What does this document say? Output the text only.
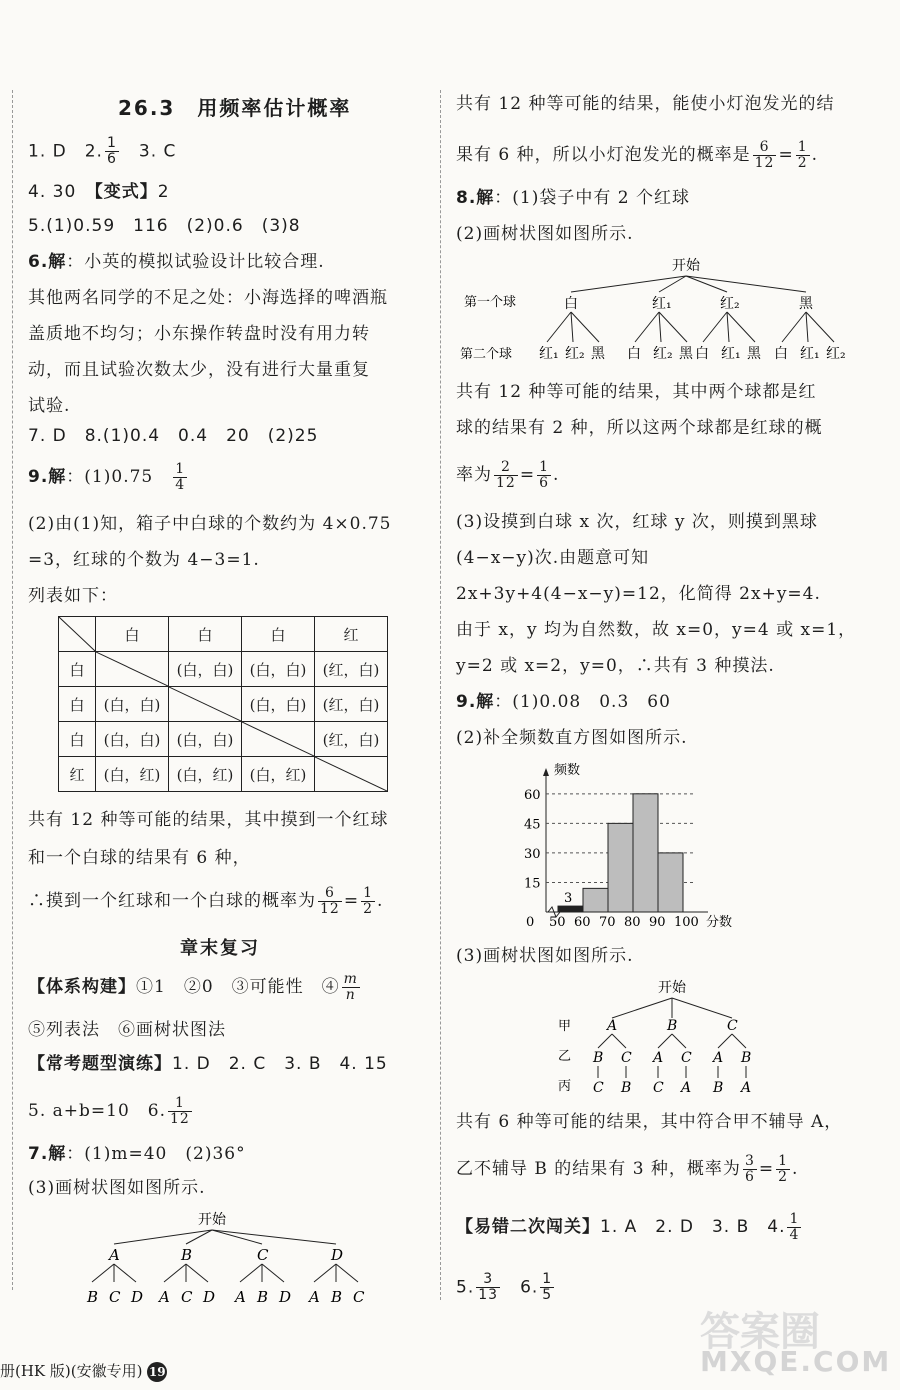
26.3　用频率估计概率
1. D　 2. $\frac{1}{6}$
　 3. C
4. 30　【变式】2
5.(1)0.59　116　(2)0.6　(3)8
6.解：小英的模拟试验设计比较合理.
其他两名同学的不足之处：小海选择的啤酒瓶
盖质地不均匀；小东操作转盘时没有用力转
动，而且试验次数太少，没有进行大量重复
试验.
7. D　8.(1)0.4　0.4　20　(2)25
9.解：(1)0.75　 $\frac{1}{4}$
(2)由(1)知，箱子中白球的个数约为 4×0.75
=3，红球的个数为 4−3=1.
列表如下：
	白	白	白	红
白		(白，白)	(白，白)	(红，白)
白	(白，白)		(白，白)	(红，白)
白	(白，白)	(白，白)		(红，白)
红	(白，红)	(白，红)	(白，红)	
共有 12 种等可能的结果，其中摸到一个红球
和一个白球的结果有 6 种，
∴摸到一个红球和一个白球的概率为 $\frac{6}{12} = \frac{1}{2}$ .
章末复习
【体系构建】①1　②0　③可能性　④ $\frac{m}{n}$
⑤列表法　⑥画树状图法
【常考题型演练】1. D　2. C　3. B　4. 15
5. a+b=10　6. $\frac{1}{12}$
7.解：(1)m=40　(2)36°
(3)画树状图如图所示.
开始
A
B C D
B
A C D
C
A B D
D
A B C
共有 12 种等可能的结果，能使小灯泡发光的结
果有 6 种，所以小灯泡发光的概率是 $\frac{6}{12} = \frac{1}{2}$ .
8.解：(1)袋子中有 2 个红球
(2)画树状图如图所示.
开始
第一个球
第二个球
白
红₁ 红₂ 黑
红₁
白 红₂ 黑
红₂
白 红₁ 黑
黑
白 红₁ 红₂
共有 12 种等可能的结果，其中两个球都是红
球的结果有 2 种，所以这两个球都是红球的概
率为 $\frac{2}{12} = \frac{1}{6}$ .
(3)设摸到白球 x 次，红球 y 次，则摸到黑球
(4−x−y)次.由题意可知
2x+3y+4(4−x−y)=12，化简得 2x+y=4.
由于 x，y 均为自然数，故 x=0，y=4 或 x=1，
y=2 或 x=2，y=0，∴共有 3 种摸法.
9.解：(1)0.08　0.3　60
(2)补全频数直方图如图所示.
频数
分数
0
15
30
45
60
3
50 60 70 80 90 100
(3)画树状图如图所示.
开始
甲
乙
丙
A
B
C
C
B
B
A
C
C
A
C
A
B
B
A
共有 6 种等可能的结果，其中符合甲不辅导 A，
乙不辅导 B 的结果有 3 种，概率为 $\frac{3}{6} = \frac{1}{2}$ .
【易错二次闯关】1. A　2. D　3. B　4. $\frac{1}{4}$
5. $\frac{3}{13}$
　 6. $\frac{1}{5}$
册(HK 版)(安徽专用) 19
答案圈
MXQE.COM
